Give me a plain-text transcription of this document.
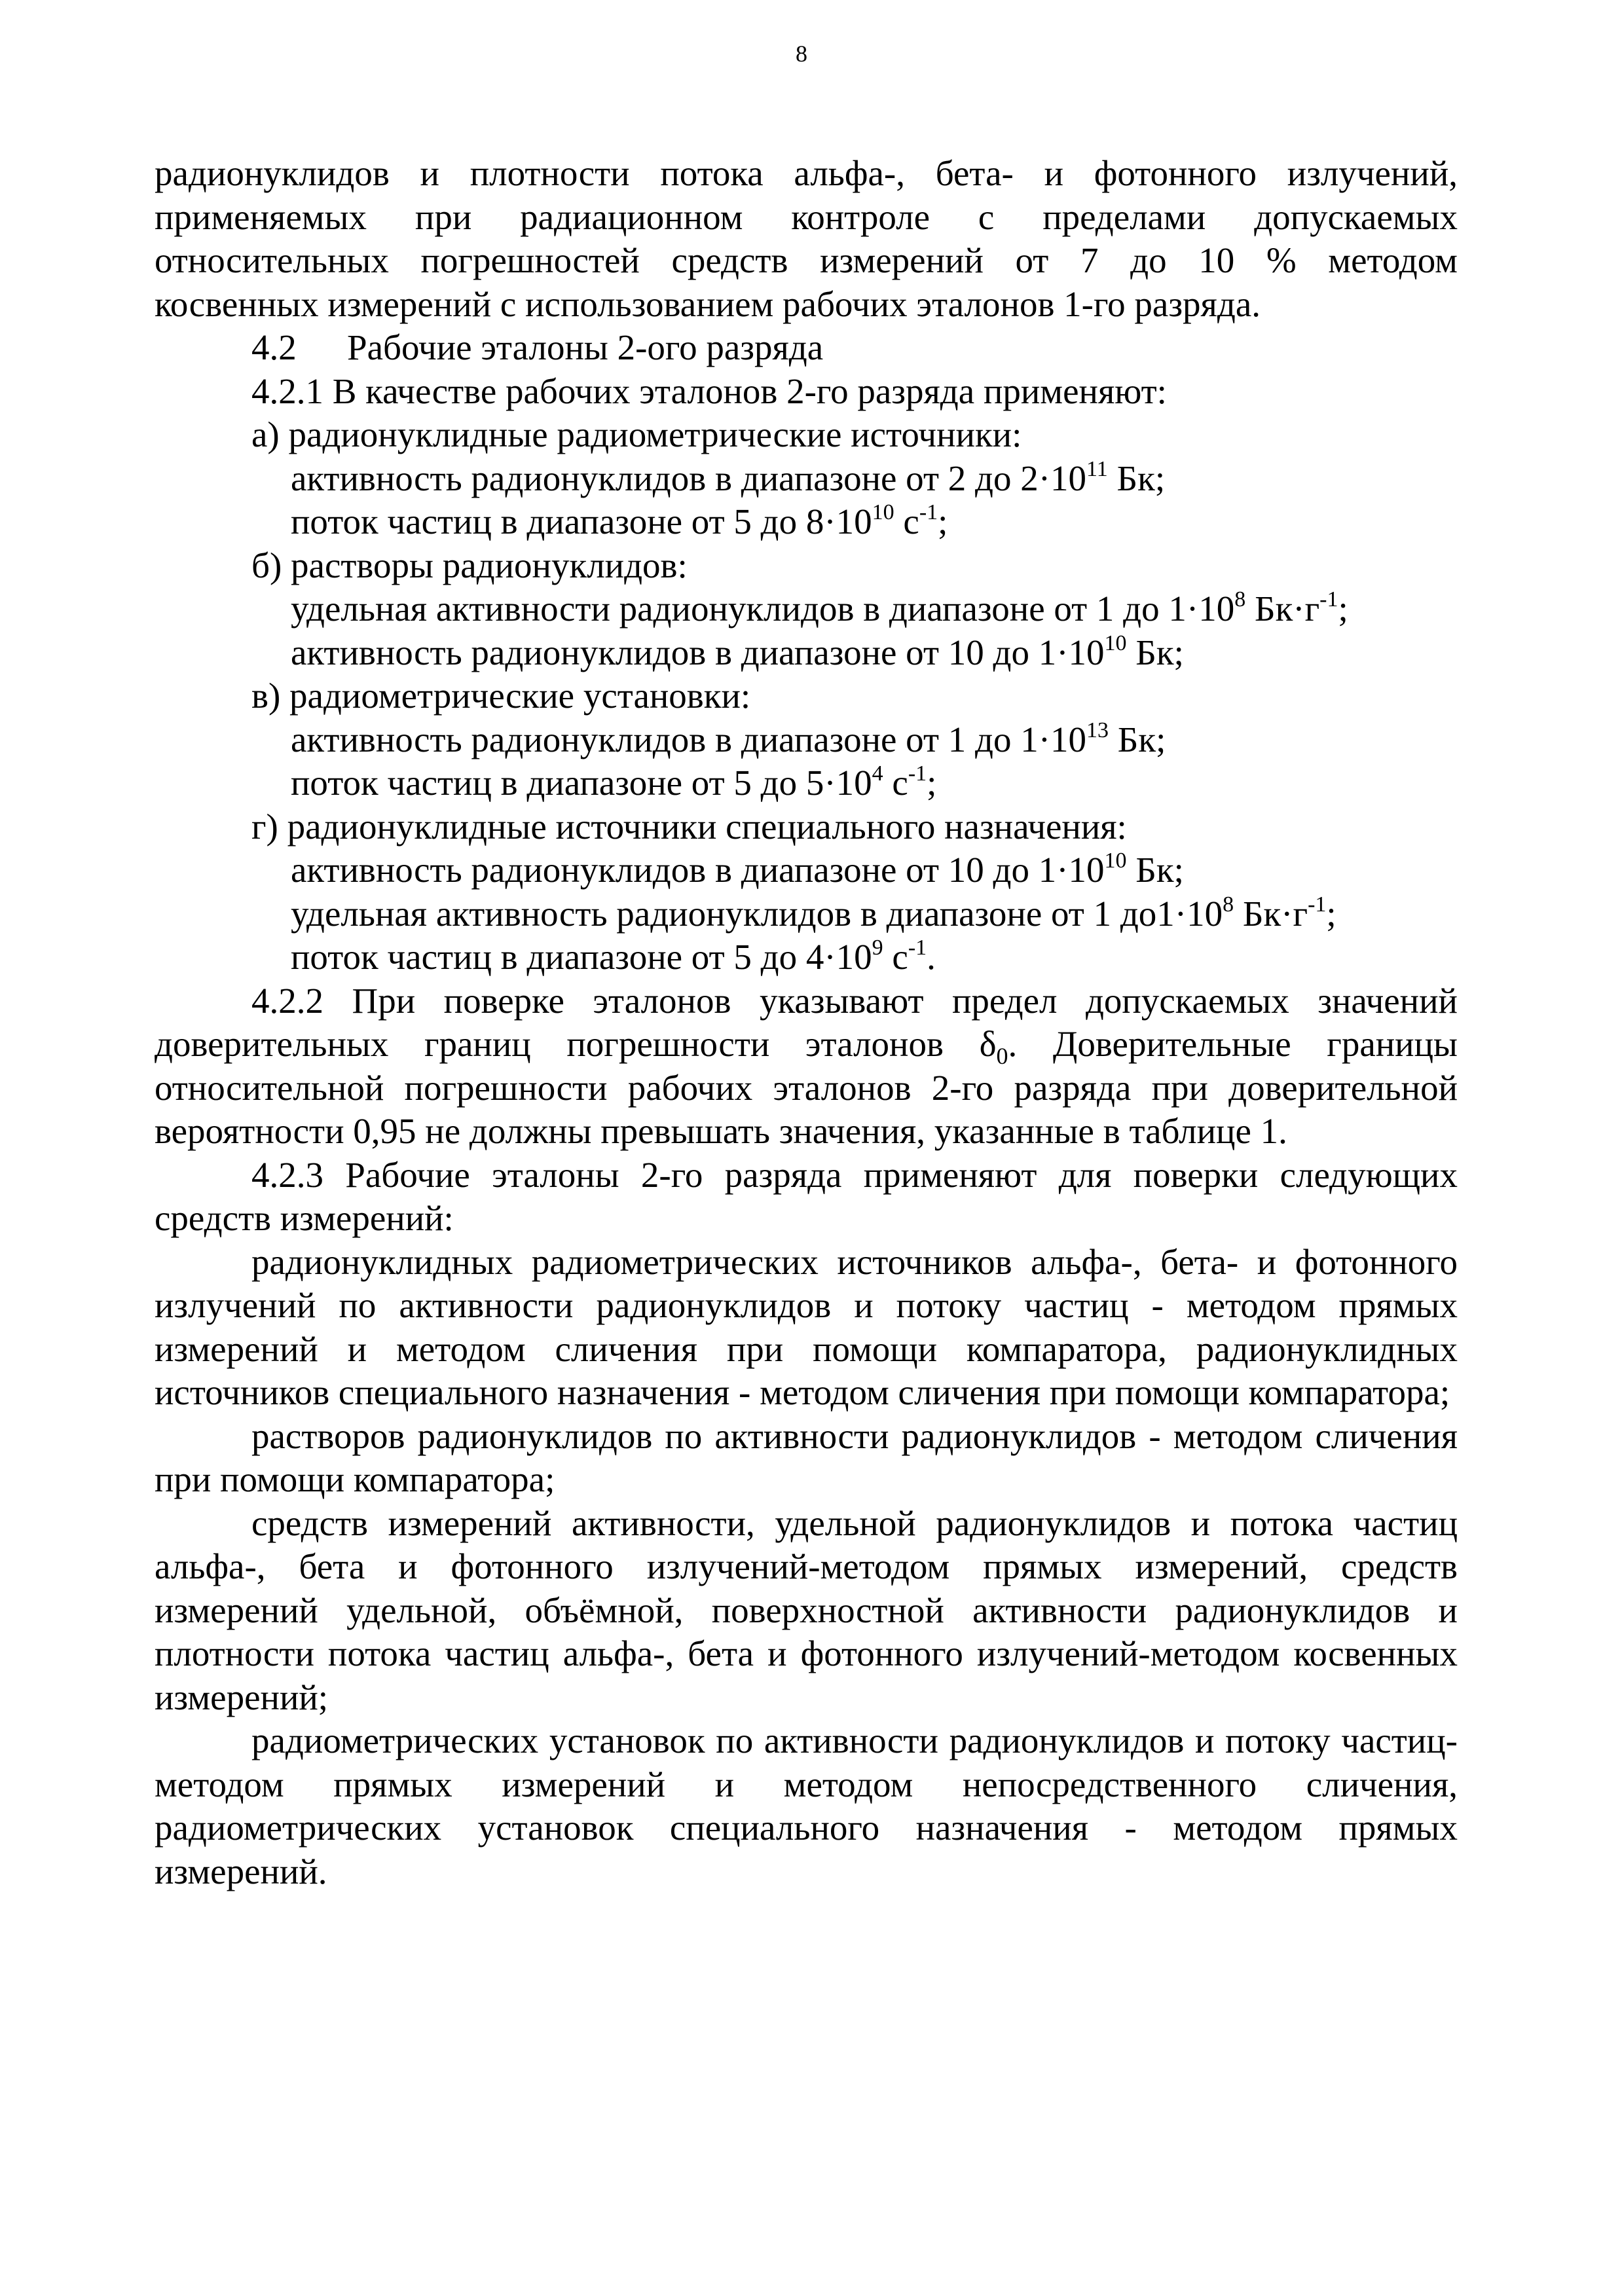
8

радионуклидов и плотности потока альфа-, бета- и фотонного излучений,

применяемых при радиационном контроле с пределами допускаемых

относительных погрешностей средств измерений от 7 до 10 % методом

косвенных измерений с использованием рабочих эталонов 1-го разряда.

4.2 Рабочие эталоны 2-ого разряда

4.2.1 В качестве рабочих эталонов 2-го разряда применяют:

а) радионуклидные радиометрические источники:

активность радионуклидов в диапазоне от 2 до $2\cdot 10^{11}$ Бк;

поток частиц в диапазоне от 5 до $8\cdot 10^{10}$ $с^{-1}$;

б) растворы радионуклидов:

удельная активности радионуклидов в диапазоне от 1 до $1\cdot 10^8$ $Бк\cdot г^{-1}$;

активность радионуклидов в диапазоне от 10 до $1\cdot 10^{10}$ Бк;

в) радиометрические установки:

активность радионуклидов в диапазоне от 1 до $1\cdot 10^{13}$ Бк;

поток частиц в диапазоне от 5 до $5\cdot 10^4$ $с^{-1}$;

г) радионуклидные источники специального назначения:

активность радионуклидов в диапазоне от 10 до $1\cdot 10^{10}$ Бк;

удельная активность радионуклидов в диапазоне от 1 $до1\cdot 10^8$ $Бк\cdot г^{-1}$;

поток частиц в диапазоне от 5 до $4\cdot 10^9$ $с^{-1}$.

4.2.2 При поверке эталонов указывают предел допускаемых значений доверительных границ погрешности эталонов $\delta_0$. Доверительные границы относительной погрешности рабочих эталонов 2-го разряда при доверительной вероятности 0,95 не должны превышать значения, указанные в таблице 1.

4.2.3 Рабочие эталоны 2-го разряда применяют для поверки следующих средств измерений:

радионуклидных радиометрических источников альфа-, бета- и фотонного излучений по активности радионуклидов и потоку частиц - методом прямых измерений и методом сличения при помощи компаратора, радионуклидных источников специального назначения - методом сличения при помощи компаратора;

растворов радионуклидов по активности радионуклидов - методом сличения при помощи компаратора;

средств измерений активности, удельной радионуклидов и потока частиц альфа-, бета и фотонного излучений-методом прямых измерений, средств измерений удельной, объёмной, поверхностной активности радионуклидов и плотности потока частиц альфа-, бета и фотонного излучений-методом косвенных измерений;

радиометрических установок по активности радионуклидов и потоку частиц-методом прямых измерений и методом непосредственного сличения, радиометрических установок специального назначения - методом прямых измерений.
